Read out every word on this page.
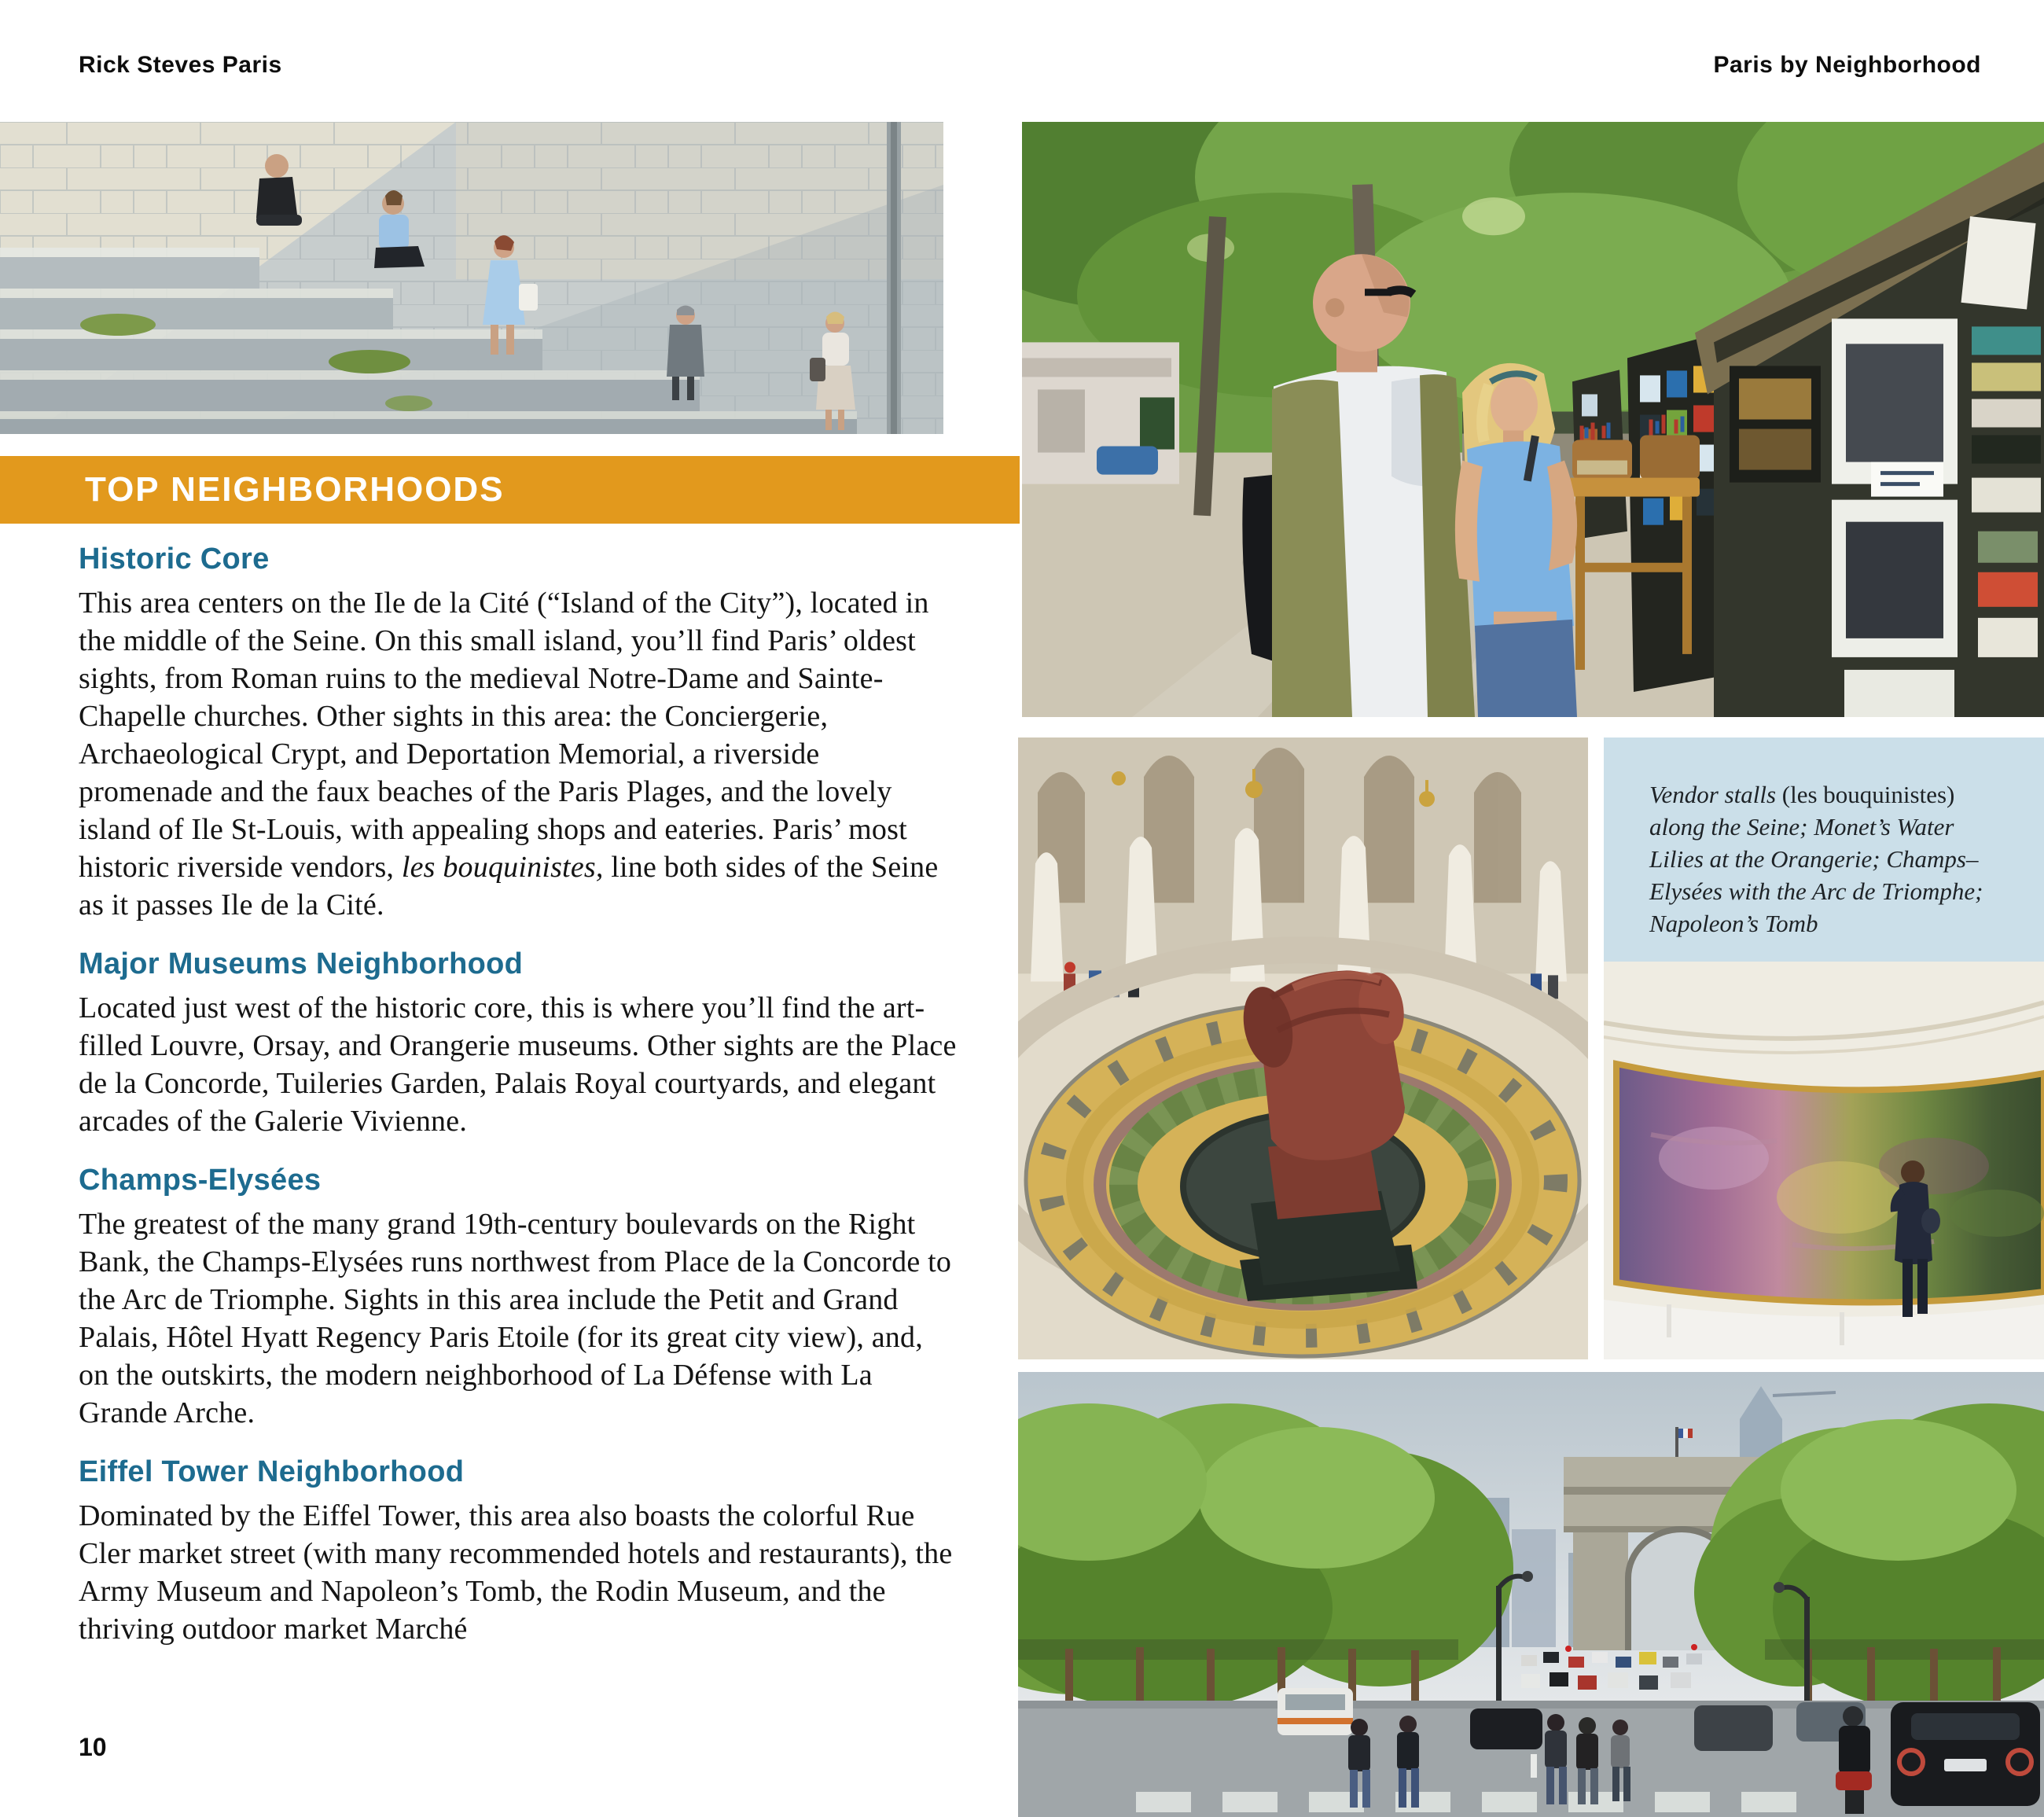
Rick Steves Paris	Paris by Neighborhood
TOP NEIGHBORHOODS
Historic Core

This area centers on the Ile de la Cité (“Island of the City”), located in the middle of the Seine. On this small island, you’ll find Paris’ oldest sights, from Roman ruins to the medieval Notre-Dame and Sainte-Chapelle churches. Other sights in this area: the Conciergerie, Archaeological Crypt, and Deportation Memorial, a riverside promenade and the faux beaches of the Paris Plages, and the lovely island of Ile St-Louis, with appealing shops and eateries. Paris’ most historic riverside vendors, les bouquinistes, line both sides of the Seine as it passes Ile de la Cité.

Major Museums Neighborhood

Located just west of the historic core, this is where you’ll find the art-filled Louvre, Orsay, and Orangerie museums. Other sights are the Place de la Concorde, Tuileries Garden, Palais Royal courtyards, and elegant arcades of the Galerie Vivienne.

Champs-Elysées

The greatest of the many grand 19th-century boulevards on the Right Bank, the Champs-Elysées runs northwest from Place de la Concorde to the Arc de Triomphe. Sights in this area include the Petit and Grand Palais, Hôtel Hyatt Regency Paris Etoile (for its great city view), and, on the outskirts, the modern neighborhood of La Défense with La Grande Arche.

Eiffel Tower Neighborhood

Dominated by the Eiffel Tower, this area also boasts the colorful Rue Cler market street (with many recommended hotels and restaurants), the Army Museum and Napoleon’s Tomb, the Rodin Museum, and the thriving outdoor market Marché

Vendor stalls (les bouquinistes) along the Seine; Monet’s Water Lilies at the Orangerie; Champs–Elysées with the Arc de Triomphe; Napoleon’s Tomb

10
